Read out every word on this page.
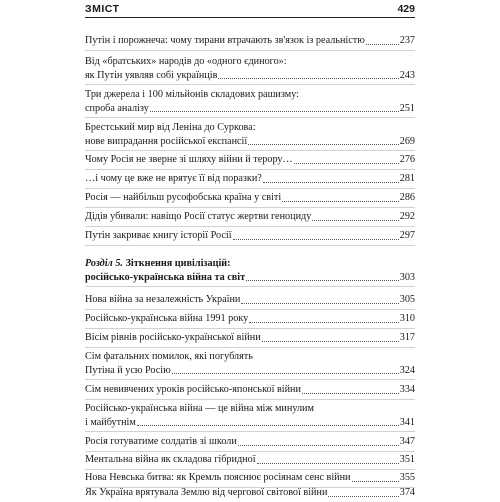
ЗМІСТ	429
Путін і порожнеча: чому тирани втрачають зв'язок із реальністю	237
Від «братських» народів до «одного єдиного»:
як Путін уявляв собі українців	243
Три джерела і 100 мільйонів складових рашизму:
спроба аналізу	251
Брестський мир від Леніна до Суркова:
нове випрадання російської експансії	269
Чому Росія не зверне зі шляху війни й терору…	276
…і чому це вже не врятує її від поразки?	281
Росія — найбільш русофобська країна у світі	286
Дідів убивали: навіщо Росії статус жертви геноциду	292
Путін закриває книгу історії Росії	297
Розділ 5. Зіткнення цивілізацій:
російсько-українська війна та світ	303
Нова війна за незалежність України	305
Російсько-українська війна 1991 року	310
Вісім рівнів російсько-української війни	317
Сім фатальних помилок, які погублять
Путіна й усю Росію	324
Сім невивчених уроків російсько-японської війни	334
Російсько-українська війна — це війна між минулим
і майбутнім	341
Росія готуватиме солдатів зі школи	347
Ментальна війна як складова гібридної	351
Нова Невська битва: як Кремль пояснює росіянам сенс війни	355
Як Україна врятувала Землю від чергової світової війни	374
